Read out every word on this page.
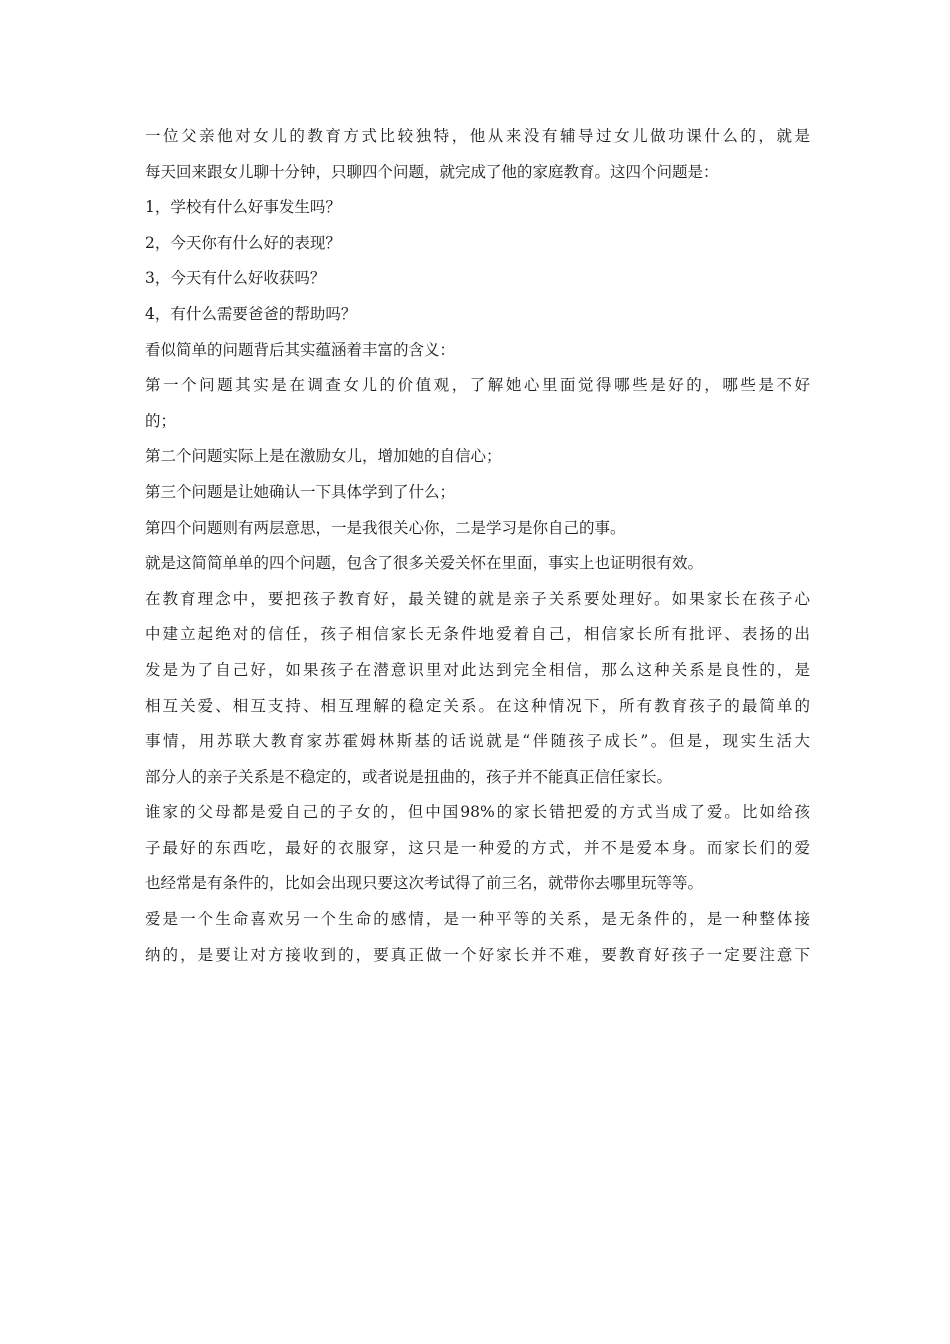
一位父亲他对女儿的教育方式比较独特，他从来没有辅导过女儿做功课什么的，就是
每天回来跟女儿聊十分钟，只聊四个问题，就完成了他的家庭教育。这四个问题是：
1，学校有什么好事发生吗？
2，今天你有什么好的表现？
3，今天有什么好收获吗？
4，有什么需要爸爸的帮助吗？
看似简单的问题背后其实蕴涵着丰富的含义：
第一个问题其实是在调查女儿的价值观，了解她心里面觉得哪些是好的，哪些是不好
的；
第二个问题实际上是在激励女儿，增加她的自信心；
第三个问题是让她确认一下具体学到了什么；
第四个问题则有两层意思，一是我很关心你，二是学习是你自己的事。
就是这简简单单的四个问题，包含了很多关爱关怀在里面，事实上也证明很有效。
在教育理念中，要把孩子教育好，最关键的就是亲子关系要处理好。如果家长在孩子心
中建立起绝对的信任，孩子相信家长无条件地爱着自己，相信家长所有批评、表扬的出
发是为了自己好，如果孩子在潜意识里对此达到完全相信，那么这种关系是良性的，是
相互关爱、相互支持、相互理解的稳定关系。在这种情况下，所有教育孩子的最简单的
事情，用苏联大教育家苏霍姆林斯基的话说就是“伴随孩子成长”。但是，现实生活大
部分人的亲子关系是不稳定的，或者说是扭曲的，孩子并不能真正信任家长。
谁家的父母都是爱自己的子女的，但中国98%的家长错把爱的方式当成了爱。比如给孩
子最好的东西吃，最好的衣服穿，这只是一种爱的方式，并不是爱本身。而家长们的爱
也经常是有条件的，比如会出现只要这次考试得了前三名，就带你去哪里玩等等。
爱是一个生命喜欢另一个生命的感情，是一种平等的关系，是无条件的，是一种整体接
纳的，是要让对方接收到的，要真正做一个好家长并不难，要教育好孩子一定要注意下
